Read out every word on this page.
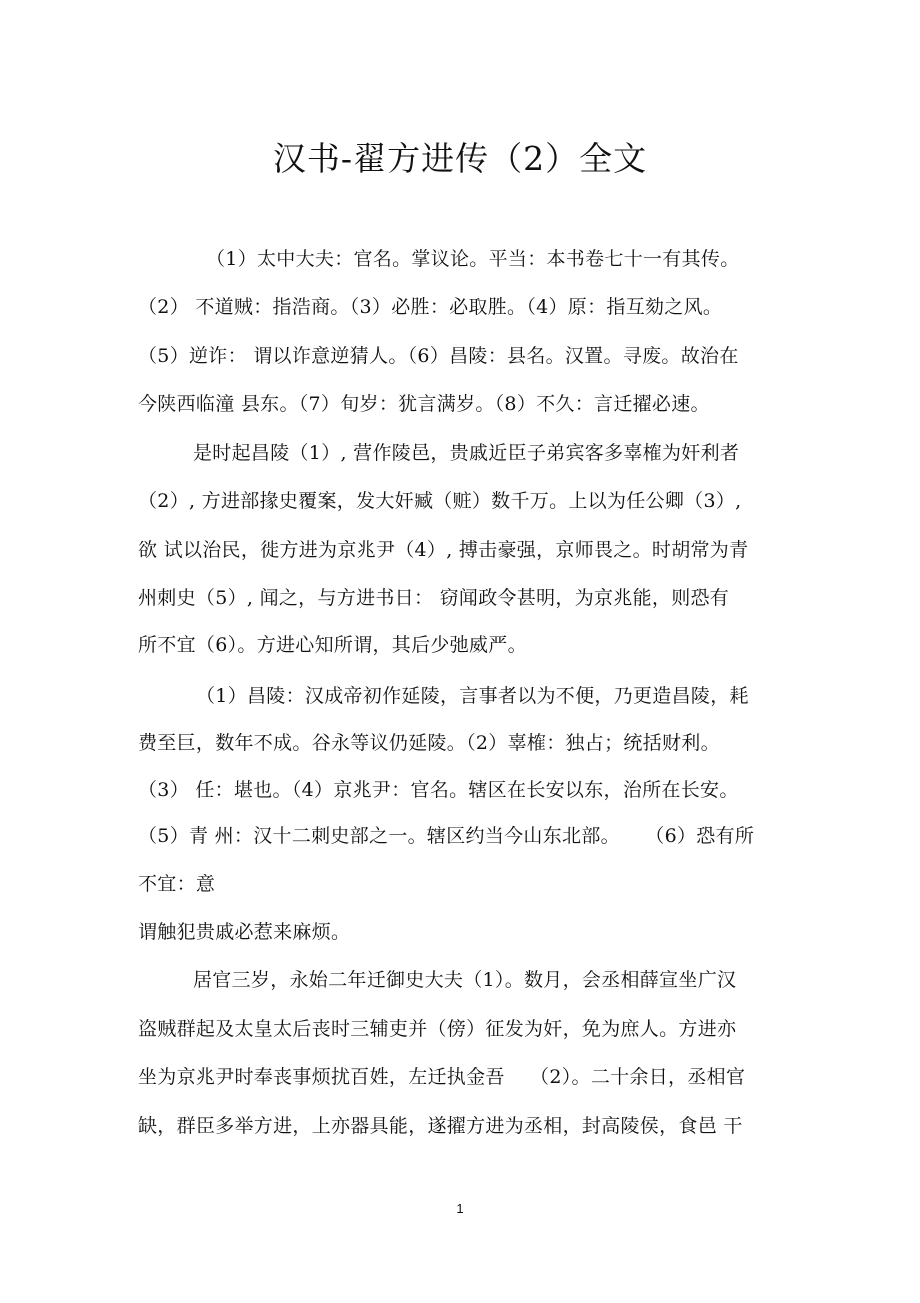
汉书-翟方进传（2）全文
（1）太中大夫：官名。掌议论。平当：本书卷七十一有其传。
（2） 不道贼：指浩商。（3）必胜：必取胜。（4）原：指互劾之风。
（5）逆诈： 谓以诈意逆猜人。（6）昌陵：县名。汉置。寻废。故治在
今陕西临潼 县东。（7）旬岁：犹言满岁。（8）不久：言迁擢必速。
是时起昌陵（1）, 营作陵邑，贵戚近臣子弟宾客多辜榷为奸利者
（2）, 方进部掾史覆案，发大奸臧（赃）数千万。上以为任公卿（3）,
欲 试以治民，徙方进为京兆尹（4）, 搏击豪强，京师畏之。时胡常为青
州刺史（5）, 闻之，与方进书日： 窃闻政令甚明，为京兆能，则恐有
所不宜（6）。方进心知所谓，其后少弛威严。
（1）昌陵：汉成帝初作延陵，言事者以为不便，乃更造昌陵，耗
费至巨，数年不成。谷永等议仍延陵。（2）辜榷：独占；统括财利。
（3） 任：堪也。（4）京兆尹：官名。辖区在长安以东，治所在长安。
（5）青 州：汉十二刺史部之一。辖区约当今山东北部。    （6）恐有所
不宜：意
谓触犯贵戚必惹来麻烦。
居官三岁，永始二年迁御史大夫（1）。数月，会丞相薛宣坐广汉
盗贼群起及太皇太后丧时三辅吏并（傍）征发为奸，免为庶人。方进亦
坐为京兆尹时奉丧事烦扰百姓，左迁执金吾    （2）。二十余日，丞相官
缺，群臣多举方进，上亦器具能，遂擢方进为丞相，封高陵侯，食邑 干
1
